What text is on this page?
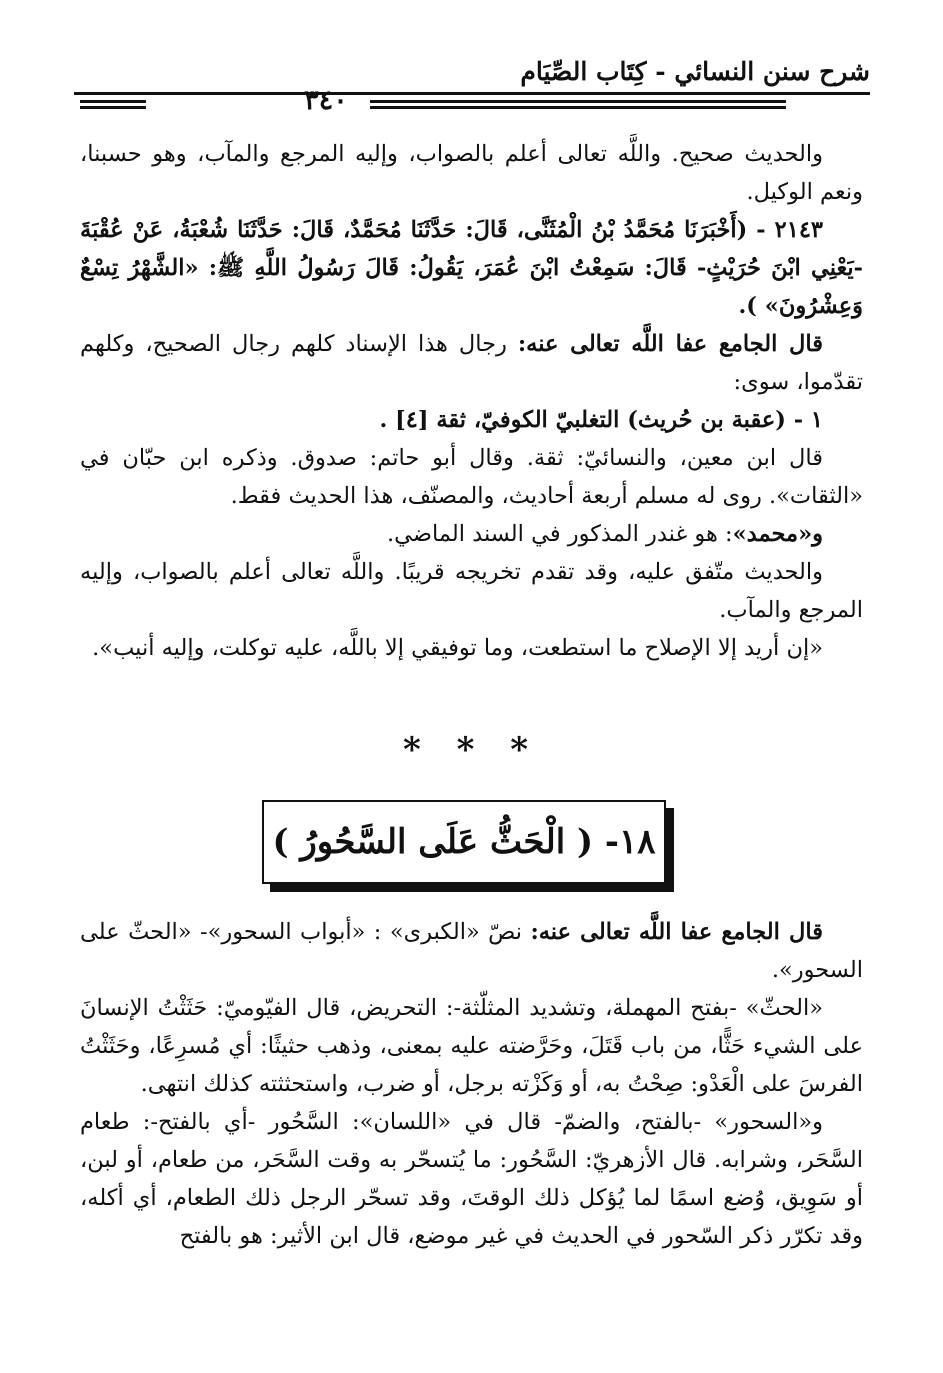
شرح سنن النسائي - كِتَاب الصِّيَام
٣٤٠

والحديث صحيح. واللَّه تعالى أعلم بالصواب، وإليه المرجع والمآب، وهو حسبنا، ونعم الوكيل.

٢١٤٣ - (أَخْبَرَنَا مُحَمَّدُ بْنُ الْمُثَنَّى، قَالَ: حَدَّثَنَا مُحَمَّدٌ، قَالَ: حَدَّثَنَا شُعْبَةُ، عَنْ عُقْبَةَ -يَعْنِي ابْنَ حُرَيْثٍ- قَالَ: سَمِعْتُ ابْنَ عُمَرَ، يَقُولُ: قَالَ رَسُولُ اللَّهِ ﷺ: «الشَّهْرُ تِسْعٌ وَعِشْرُونَ» ).

قال الجامع عفا اللَّه تعالى عنه: رجال هذا الإسناد كلهم رجال الصحيح، وكلهم تقدّموا، سوى:

١ - (عقبة بن حُريث) التغلبيّ الكوفيّ، ثقة [٤] .

قال ابن معين، والنسائيّ: ثقة. وقال أبو حاتم: صدوق. وذكره ابن حبّان في «الثقات». روى له مسلم أربعة أحاديث، والمصنّف، هذا الحديث فقط.

و«محمد»: هو غندر المذكور في السند الماضي.

والحديث متّفق عليه، وقد تقدم تخريجه قريبًا. واللَّه تعالى أعلم بالصواب، وإليه المرجع والمآب.

«إن أريد إلا الإصلاح ما استطعت، وما توفيقي إلا باللَّه، عليه توكلت، وإليه أنيب».

* * *
١٨- ( الْحَثُّ عَلَى السَّحُورُ )

قال الجامع عفا اللَّه تعالى عنه: نصّ «الكبرى» : «أبواب السحور»- «الحثّ على السحور».

«الحثّ» -بفتح المهملة، وتشديد المثلّثة-: التحريض، قال الفيّوميّ: حَثَثْتُ الإنسانَ على الشيء حَثًّا، من باب قَتَلَ، وحَرَّضته عليه بمعنى، وذهب حثيثًا: أي مُسرِعًا، وحَثَثْتُ الفرسَ على الْعَدْو: صِحْتُ به، أو وَكَزْته برجل، أو ضرب، واستحثثته كذلك انتهى.

و«السحور» -بالفتح، والضمّ- قال في «اللسان»: السَّحُور -أي بالفتح-: طعام السَّحَر، وشرابه. قال الأزهريّ: السَّحُور: ما يُتسحّر به وقت السَّحَر، من طعام، أو لبن، أو سَوِيق، وُضع اسمًا لما يُؤكل ذلك الوقتَ، وقد تسحّر الرجل ذلك الطعام، أي أكله، وقد تكرّر ذكر السّحور في الحديث في غير موضع، قال ابن الأثير: هو بالفتح
